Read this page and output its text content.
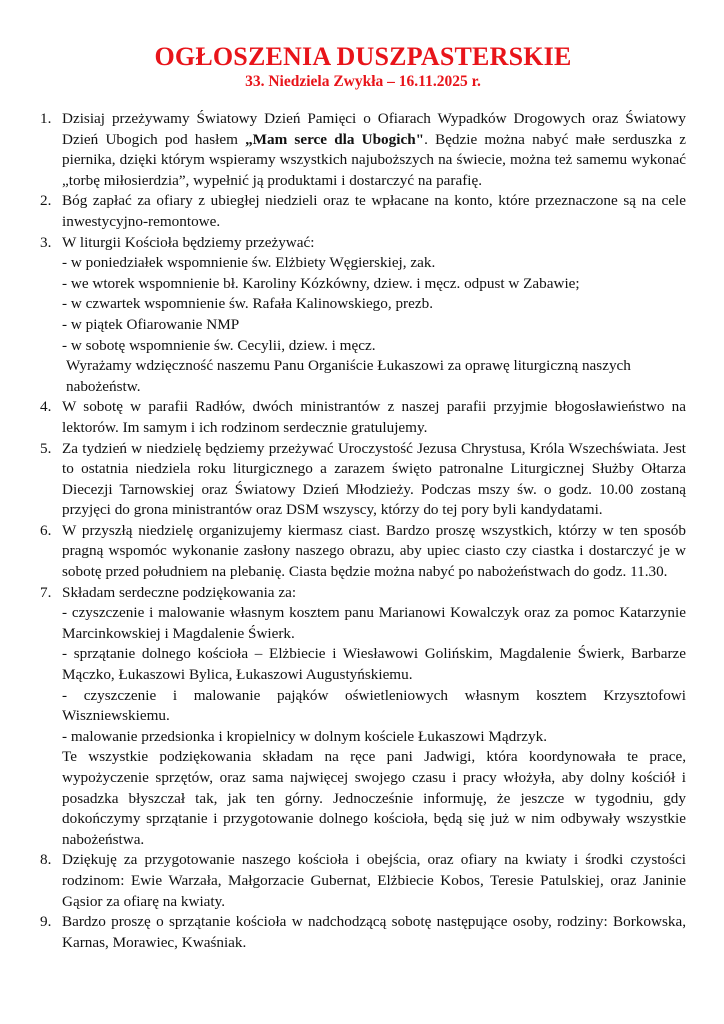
OGŁOSZENIA DUSZPASTERSKIE
33. Niedziela Zwykła – 16.11.2025 r.
1. Dzisiaj przeżywamy Światowy Dzień Pamięci o Ofiarach Wypadków Drogowych oraz Światowy Dzień Ubogich pod hasłem „Mam serce dla Ubogich". Będzie można nabyć małe serduszka z piernika, dzięki którym wspieramy wszystkich najuboższych na świecie, można też samemu wykonać „torbę miłosierdzia”, wypełnić ją produktami i dostarczyć na parafię.
2. Bóg zapłać za ofiary z ubiegłej niedzieli oraz te wpłacane na konto, które przeznaczone są na cele inwestycyjno-remontowe.
3. W liturgii Kościoła będziemy przeżywać:
- w poniedziałek wspomnienie św. Elżbiety Węgierskiej, zak.
- we wtorek wspomnienie bł. Karoliny Kózkówny, dziew. i męcz. odpust w Zabawie;
- w czwartek wspomnienie św. Rafała Kalinowskiego, prezb.
- w piątek Ofiarowanie NMP
- w sobotę wspomnienie św. Cecylii, dziew. i męcz.
Wyrażamy wdzięczność naszemu Panu Organiście Łukaszowi za oprawę liturgiczną naszych nabożeństw.
4. W sobotę w parafii Radłów, dwóch ministrantów z naszej parafii przyjmie błogosławieństwo na lektorów. Im samym i ich rodzinom serdecznie gratulujemy.
5. Za tydzień w niedzielę będziemy przeżywać Uroczystość Jezusa Chrystusa, Króla Wszechświata. Jest to ostatnia niedziela roku liturgicznego a zarazem święto patronalne Liturgicznej Służby Ołtarza Diecezji Tarnowskiej oraz Światowy Dzień Młodzieży. Podczas mszy św. o godz. 10.00 zostaną przyjęci do grona ministrantów oraz DSM wszyscy, którzy do tej pory byli kandydatami.
6. W przyszłą niedzielę organizujemy kiermasz ciast. Bardzo proszę wszystkich, którzy w ten sposób pragną wspomóc wykonanie zasłony naszego obrazu, aby upiec ciasto czy ciastka i dostarczyć je w sobotę przed południem na plebanię. Ciasta będzie można nabyć po nabożeństwach do godz. 11.30.
7. Składam serdeczne podziękowania za:
- czyszczenie i malowanie własnym kosztem panu Marianowi Kowalczyk oraz za pomoc Katarzynie Marcinkowskiej i Magdalenie Świerk.
- sprzątanie dolnego kościoła – Elżbiecie i Wiesławowi Golińskim, Magdalenie Świerk, Barbarze Mączko, Łukaszowi Bylica, Łukaszowi Augustyńskiemu.
- czyszczenie i malowanie pająków oświetleniowych własnym kosztem Krzysztofowi Wiszniewskiemu.
- malowanie przedsionka i kropielnicy w dolnym kościele Łukaszowi Mądrzyk.
Te wszystkie podziękowania składam na ręce pani Jadwigi, która koordynowała te prace, wypożyczenie sprzętów, oraz sama najwięcej swojego czasu i pracy włożyła, aby dolny kościół i posadzka błyszczał tak, jak ten górny. Jednocześnie informuję, że jeszcze w tygodniu, gdy dokończymy sprzątanie i przygotowanie dolnego kościoła, będą się już w nim odbywały wszystkie nabożeństwa.
8. Dziękuję za przygotowanie naszego kościoła i obejścia, oraz ofiary na kwiaty i środki czystości rodzinom: Ewie Warzała, Małgorzacie Gubernat, Elżbiecie Kobos, Teresie Patulskiej, oraz Janinie Gąsior za ofiarę na kwiaty.
9. Bardzo proszę o sprzątanie kościoła w nadchodzącą sobotę następujące osoby, rodziny: Borkowska, Karnas, Morawiec, Kwaśniak.
